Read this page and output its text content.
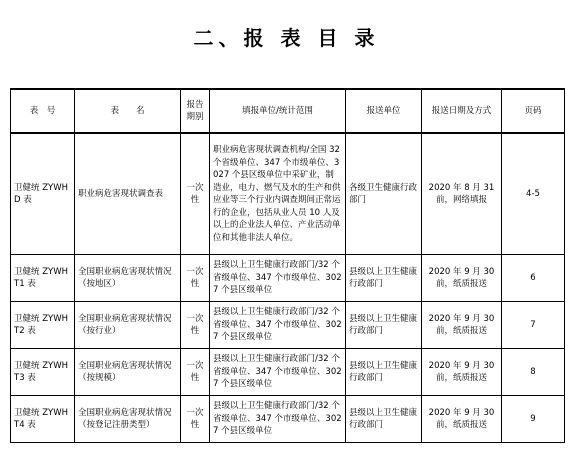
二、报 表 目 录
表　号	表　　名	报告期别	填报单位/统计范围	报送单位	报送日期及方式	页码
卫健统 ZYWHD 表	职业病危害现状调查表	一次性	职业病危害现状调查机构/全国 32 个省级单位、347 个市级单位、3027 个县区级单位中采矿业，制造业，电力、燃气及水的生产和供应业等三个行业内调查期间正常运行的企业，包括从业人员 10 人及以上的企业法人单位、产业活动单位和其他非法人单位。	各级卫生健康行政部门	2020 年 8 月 31 前，网络填报	4-5
卫健统 ZYWHT1 表	全国职业病危害现状情况（按地区）	一次性	县级以上卫生健康行政部门/32 个省级单位、347 个市级单位、3027 个县区级单位	县级以上卫生健康行政部门	2020 年 9 月 30 前，纸质报送	6
卫健统 ZYWHT2 表	全国职业病危害现状情况（按行业）	一次性	县级以上卫生健康行政部门/32 个省级单位、347 个市级单位、3027 个县区级单位	县级以上卫生健康行政部门	2020 年 9 月 30 前，纸质报送	7
卫健统 ZYWHT3 表	全国职业病危害现状情况（按规模）	一次性	县级以上卫生健康行政部门/32 个省级单位、347 个市级单位、3027 个县区级单位	县级以上卫生健康行政部门	2020 年 9 月 30 前，纸质报送	8
卫健统 ZYWHT4 表	全国职业病危害现状情况（按登记注册类型）	一次性	县级以上卫生健康行政部门/32 个省级单位、347 个市级单位、3027 个县区级单位	县级以上卫生健康行政部门	2020 年 9 月 30 前，纸质报送	9
